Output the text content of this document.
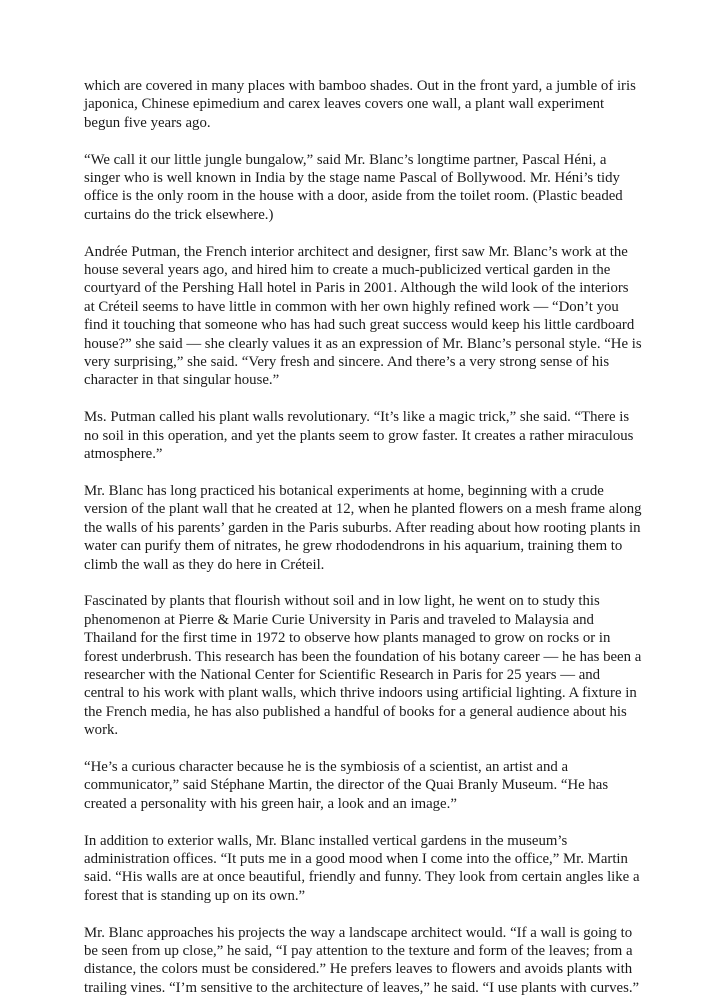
which are covered in many places with bamboo shades. Out in the front yard, a jumble of iris
japonica, Chinese epimedium and carex leaves covers one wall, a plant wall experiment
begun five years ago.

“We call it our little jungle bungalow,” said Mr. Blanc’s longtime partner, Pascal Héni, a
singer who is well known in India by the stage name Pascal of Bollywood. Mr. Héni’s tidy
office is the only room in the house with a door, aside from the toilet room. (Plastic beaded
curtains do the trick elsewhere.)

Andrée Putman, the French interior architect and designer, first saw Mr. Blanc’s work at the
house several years ago, and hired him to create a much-publicized vertical garden in the
courtyard of the Pershing Hall hotel in Paris in 2001. Although the wild look of the interiors
at Créteil seems to have little in common with her own highly refined work — “Don’t you
find it touching that someone who has had such great success would keep his little cardboard
house?” she said — she clearly values it as an expression of Mr. Blanc’s personal style. “He is
very surprising,” she said. “Very fresh and sincere. And there’s a very strong sense of his
character in that singular house.”

Ms. Putman called his plant walls revolutionary. “It’s like a magic trick,” she said. “There is
no soil in this operation, and yet the plants seem to grow faster. It creates a rather miraculous
atmosphere.”

Mr. Blanc has long practiced his botanical experiments at home, beginning with a crude
version of the plant wall that he created at 12, when he planted flowers on a mesh frame along
the walls of his parents’ garden in the Paris suburbs. After reading about how rooting plants in
water can purify them of nitrates, he grew rhododendrons in his aquarium, training them to
climb the wall as they do here in Créteil.

Fascinated by plants that flourish without soil and in low light, he went on to study this
phenomenon at Pierre & Marie Curie University in Paris and traveled to Malaysia and
Thailand for the first time in 1972 to observe how plants managed to grow on rocks or in
forest underbrush. This research has been the foundation of his botany career — he has been a
researcher with the National Center for Scientific Research in Paris for 25 years — and
central to his work with plant walls, which thrive indoors using artificial lighting. A fixture in
the French media, he has also published a handful of books for a general audience about his
work.

“He’s a curious character because he is the symbiosis of a scientist, an artist and a
communicator,” said Stéphane Martin, the director of the Quai Branly Museum. “He has
created a personality with his green hair, a look and an image.”

In addition to exterior walls, Mr. Blanc installed vertical gardens in the museum’s
administration offices. “It puts me in a good mood when I come into the office,” Mr. Martin
said. “His walls are at once beautiful, friendly and funny. They look from certain angles like a
forest that is standing up on its own.”

Mr. Blanc approaches his projects the way a landscape architect would. “If a wall is going to
be seen from up close,” he said, “I pay attention to the texture and form of the leaves; from a
distance, the colors must be considered.” He prefers leaves to flowers and avoids plants with
trailing vines. “I’m sensitive to the architecture of leaves,” he said. “I use plants with curves.”
